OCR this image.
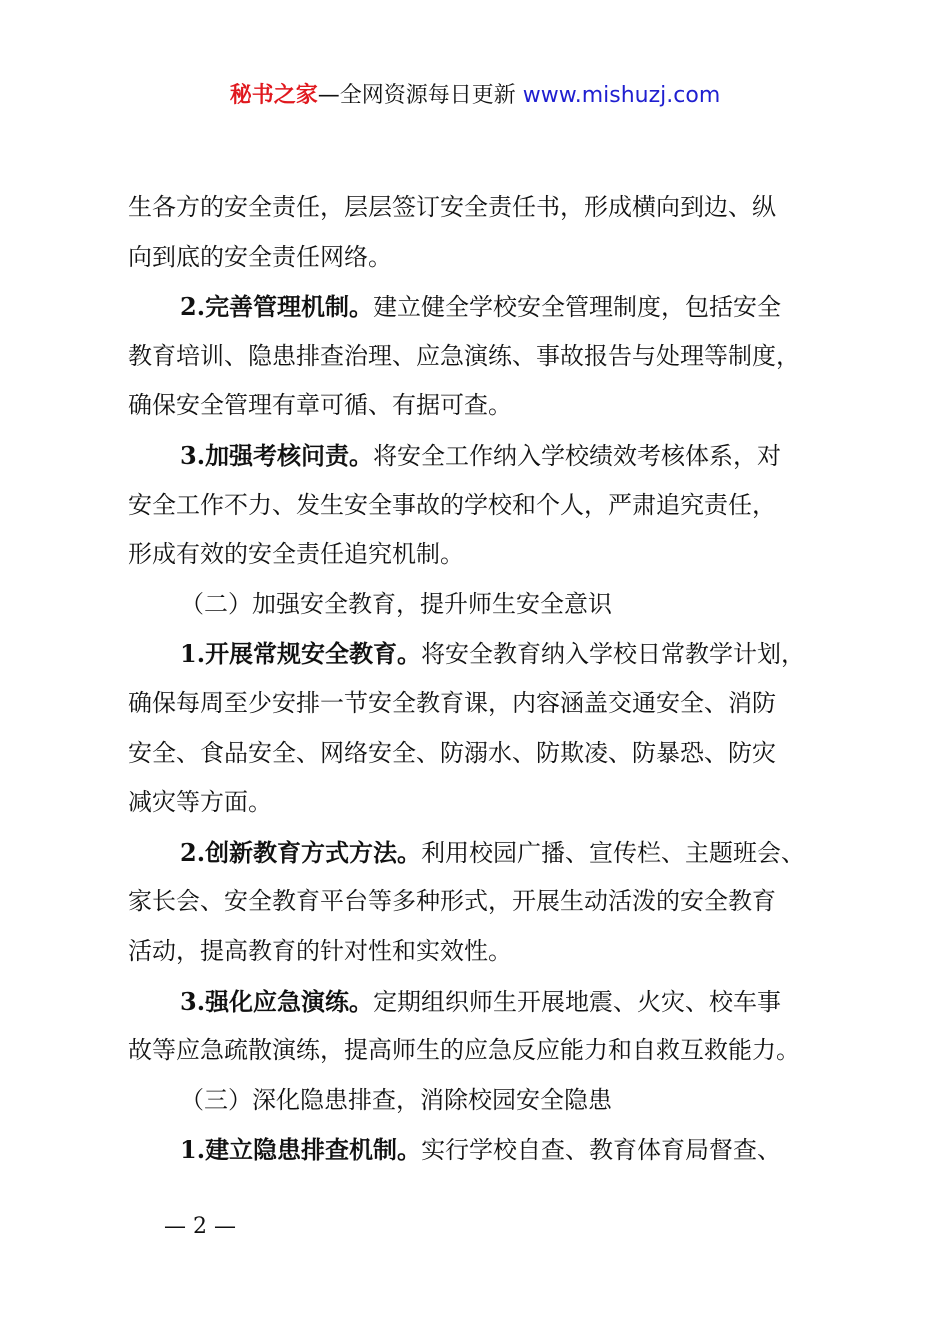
秘书之家—全网资源每日更新 www.mishuzj.com
生各方的安全责任，层层签订安全责任书，形成横向到边、纵
向到底的安全责任网络。
2.完善管理机制。建立健全学校安全管理制度，包括安全
教育培训、隐患排查治理、应急演练、事故报告与处理等制度，
确保安全管理有章可循、有据可查。
3.加强考核问责。将安全工作纳入学校绩效考核体系，对
安全工作不力、发生安全事故的学校和个人，严肃追究责任，
形成有效的安全责任追究机制。
（二）加强安全教育，提升师生安全意识
1.开展常规安全教育。将安全教育纳入学校日常教学计划，
确保每周至少安排一节安全教育课，内容涵盖交通安全、消防
安全、食品安全、网络安全、防溺水、防欺凌、防暴恐、防灾
减灾等方面。
2.创新教育方式方法。利用校园广播、宣传栏、主题班会、
家长会、安全教育平台等多种形式，开展生动活泼的安全教育
活动，提高教育的针对性和实效性。
3.强化应急演练。定期组织师生开展地震、火灾、校车事
故等应急疏散演练，提高师生的应急反应能力和自救互救能力。
（三）深化隐患排查，消除校园安全隐患
1.建立隐患排查机制。实行学校自查、教育体育局督查、
— 2 —
